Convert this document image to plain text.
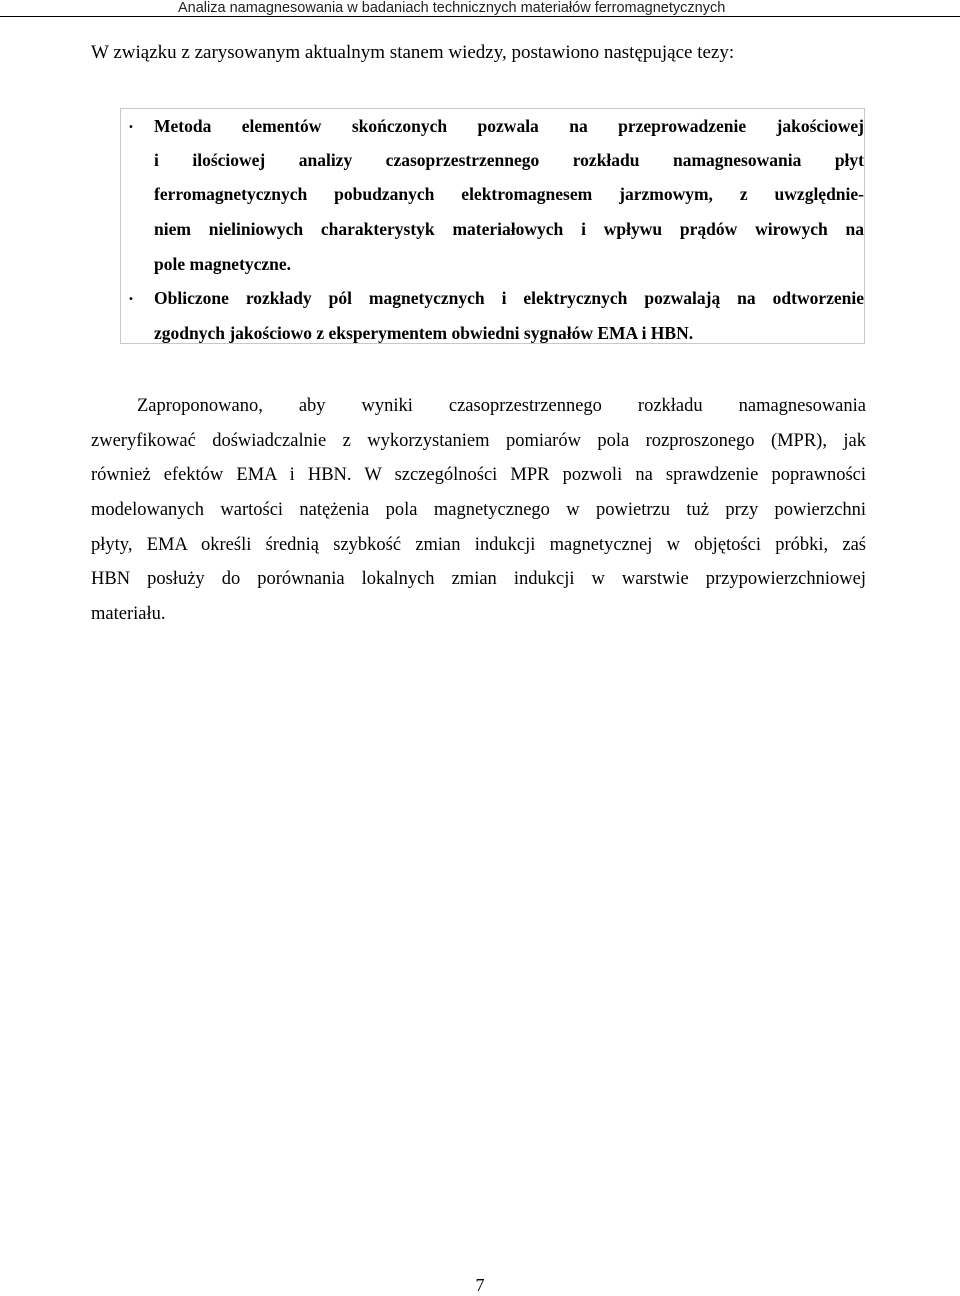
Analiza namagnesowania w badaniach technicznych materiałów ferromagnetycznych
W związku z zarysowanym aktualnym stanem wiedzy, postawiono następujące tezy:
• Metoda elementów skończonych pozwala na przeprowadzenie jakościowej
i ilościowej analizy czasoprzestrzennego rozkładu namagnesowania płyt
ferromagnetycznych pobudzanych elektromagnesem jarzmowym, z uwzględnie-
niem nieliniowych charakterystyk materiałowych i wpływu prądów wirowych na
pole magnetyczne.
• Obliczone rozkłady pól magnetycznych i elektrycznych pozwalają na odtworzenie
zgodnych jakościowo z eksperymentem obwiedni sygnałów EMA i HBN.
Zaproponowano, aby wyniki czasoprzestrzennego rozkładu namagnesowania
zweryfikować doświadczalnie z wykorzystaniem pomiarów pola rozproszonego (MPR), jak
również efektów EMA i HBN. W szczególności MPR pozwoli na sprawdzenie poprawności
modelowanych wartości natężenia pola magnetycznego w powietrzu tuż przy powierzchni
płyty, EMA określi średnią szybkość zmian indukcji magnetycznej w objętości próbki, zaś
HBN posłuży do porównania lokalnych zmian indukcji w warstwie przypowierzchniowej
materiału.
7
